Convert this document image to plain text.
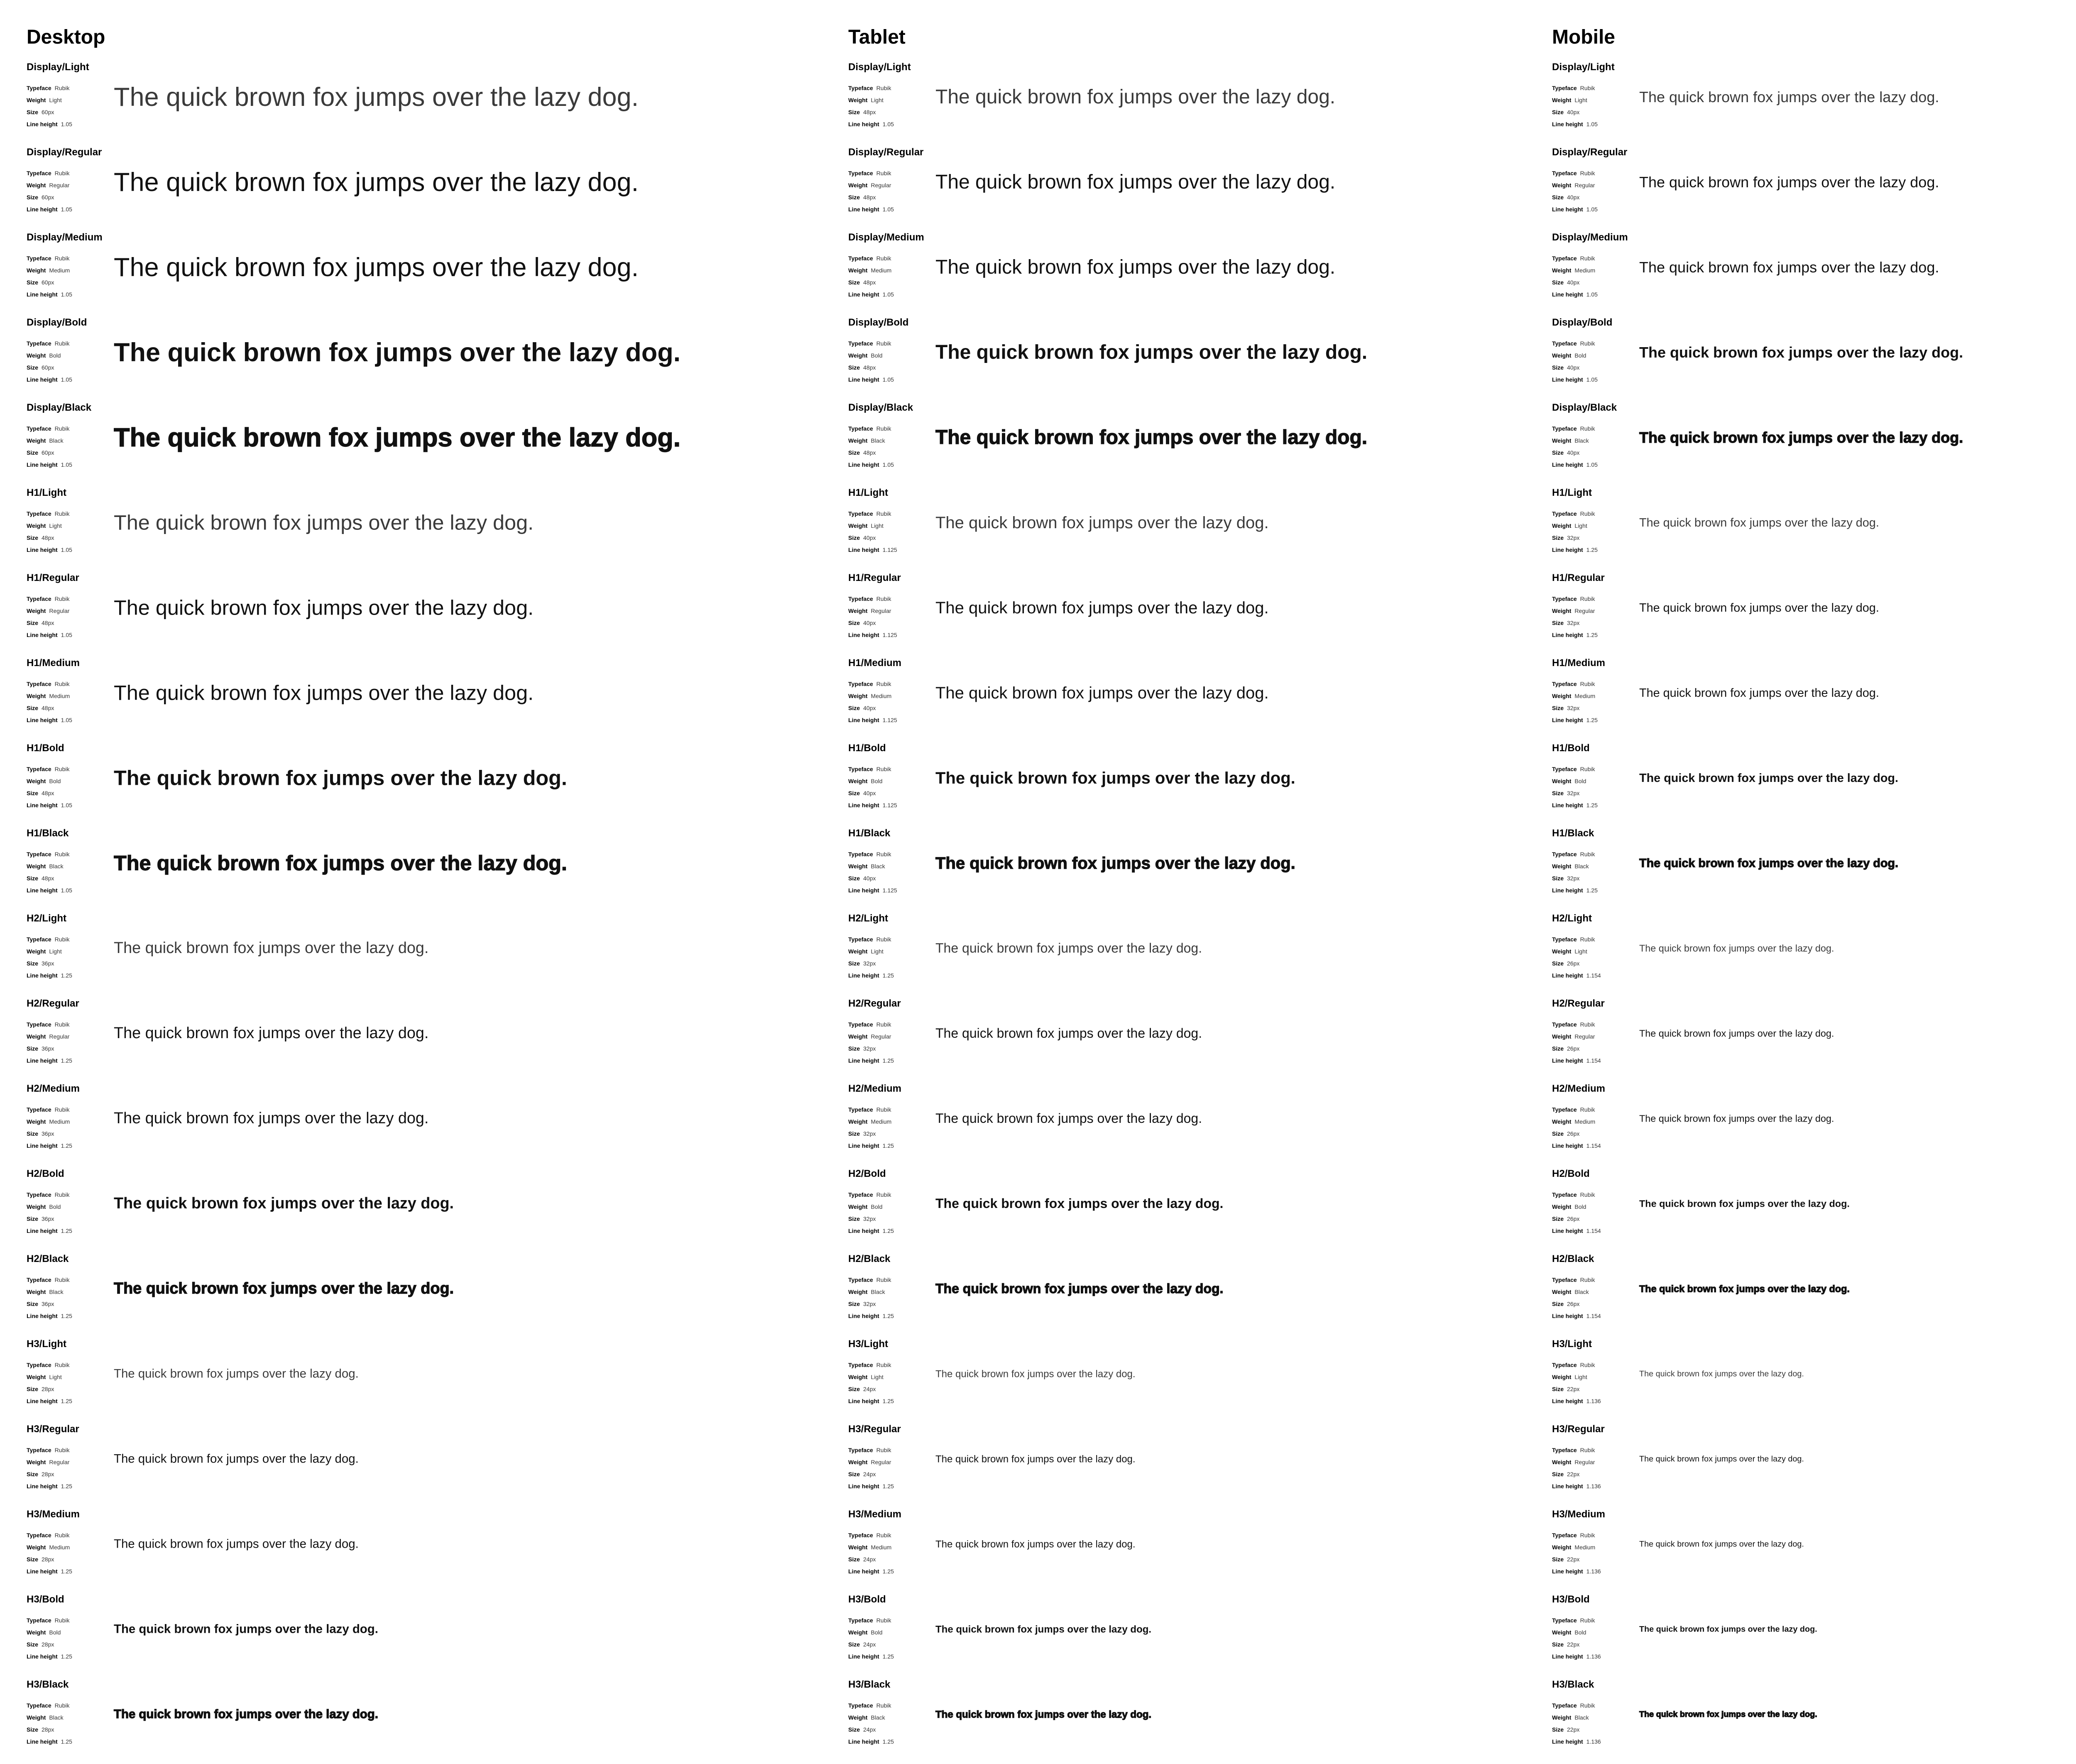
Desktop
Display/Light
Typeface Rubik
Weight Light
Size 60px
Line height 1.05
The quick brown fox jumps over the lazy dog.
Display/Regular
Typeface Rubik
Weight Regular
Size 60px
Line height 1.05
The quick brown fox jumps over the lazy dog.
Display/Medium
Typeface Rubik
Weight Medium
Size 60px
Line height 1.05
The quick brown fox jumps over the lazy dog.
Display/Bold
Typeface Rubik
Weight Bold
Size 60px
Line height 1.05
The quick brown fox jumps over the lazy dog.
Display/Black
Typeface Rubik
Weight Black
Size 60px
Line height 1.05
The quick brown fox jumps over the lazy dog.
H1/Light
Typeface Rubik
Weight Light
Size 48px
Line height 1.05
The quick brown fox jumps over the lazy dog.
H1/Regular
Typeface Rubik
Weight Regular
Size 48px
Line height 1.05
The quick brown fox jumps over the lazy dog.
H1/Medium
Typeface Rubik
Weight Medium
Size 48px
Line height 1.05
The quick brown fox jumps over the lazy dog.
H1/Bold
Typeface Rubik
Weight Bold
Size 48px
Line height 1.05
The quick brown fox jumps over the lazy dog.
H1/Black
Typeface Rubik
Weight Black
Size 48px
Line height 1.05
The quick brown fox jumps over the lazy dog.
H2/Light
Typeface Rubik
Weight Light
Size 36px
Line height 1.25
The quick brown fox jumps over the lazy dog.
H2/Regular
Typeface Rubik
Weight Regular
Size 36px
Line height 1.25
The quick brown fox jumps over the lazy dog.
H2/Medium
Typeface Rubik
Weight Medium
Size 36px
Line height 1.25
The quick brown fox jumps over the lazy dog.
H2/Bold
Typeface Rubik
Weight Bold
Size 36px
Line height 1.25
The quick brown fox jumps over the lazy dog.
H2/Black
Typeface Rubik
Weight Black
Size 36px
Line height 1.25
The quick brown fox jumps over the lazy dog.
H3/Light
Typeface Rubik
Weight Light
Size 28px
Line height 1.25
The quick brown fox jumps over the lazy dog.
H3/Regular
Typeface Rubik
Weight Regular
Size 28px
Line height 1.25
The quick brown fox jumps over the lazy dog.
H3/Medium
Typeface Rubik
Weight Medium
Size 28px
Line height 1.25
The quick brown fox jumps over the lazy dog.
H3/Bold
Typeface Rubik
Weight Bold
Size 28px
Line height 1.25
The quick brown fox jumps over the lazy dog.
H3/Black
Typeface Rubik
Weight Black
Size 28px
Line height 1.25
The quick brown fox jumps over the lazy dog.
Tablet
Display/Light
Typeface Rubik
Weight Light
Size 48px
Line height 1.05
The quick brown fox jumps over the lazy dog.
Display/Regular
Typeface Rubik
Weight Regular
Size 48px
Line height 1.05
The quick brown fox jumps over the lazy dog.
Display/Medium
Typeface Rubik
Weight Medium
Size 48px
Line height 1.05
The quick brown fox jumps over the lazy dog.
Display/Bold
Typeface Rubik
Weight Bold
Size 48px
Line height 1.05
The quick brown fox jumps over the lazy dog.
Display/Black
Typeface Rubik
Weight Black
Size 48px
Line height 1.05
The quick brown fox jumps over the lazy dog.
H1/Light
Typeface Rubik
Weight Light
Size 40px
Line height 1.125
The quick brown fox jumps over the lazy dog.
H1/Regular
Typeface Rubik
Weight Regular
Size 40px
Line height 1.125
The quick brown fox jumps over the lazy dog.
H1/Medium
Typeface Rubik
Weight Medium
Size 40px
Line height 1.125
The quick brown fox jumps over the lazy dog.
H1/Bold
Typeface Rubik
Weight Bold
Size 40px
Line height 1.125
The quick brown fox jumps over the lazy dog.
H1/Black
Typeface Rubik
Weight Black
Size 40px
Line height 1.125
The quick brown fox jumps over the lazy dog.
H2/Light
Typeface Rubik
Weight Light
Size 32px
Line height 1.25
The quick brown fox jumps over the lazy dog.
H2/Regular
Typeface Rubik
Weight Regular
Size 32px
Line height 1.25
The quick brown fox jumps over the lazy dog.
H2/Medium
Typeface Rubik
Weight Medium
Size 32px
Line height 1.25
The quick brown fox jumps over the lazy dog.
H2/Bold
Typeface Rubik
Weight Bold
Size 32px
Line height 1.25
The quick brown fox jumps over the lazy dog.
H2/Black
Typeface Rubik
Weight Black
Size 32px
Line height 1.25
The quick brown fox jumps over the lazy dog.
H3/Light
Typeface Rubik
Weight Light
Size 24px
Line height 1.25
The quick brown fox jumps over the lazy dog.
H3/Regular
Typeface Rubik
Weight Regular
Size 24px
Line height 1.25
The quick brown fox jumps over the lazy dog.
H3/Medium
Typeface Rubik
Weight Medium
Size 24px
Line height 1.25
The quick brown fox jumps over the lazy dog.
H3/Bold
Typeface Rubik
Weight Bold
Size 24px
Line height 1.25
The quick brown fox jumps over the lazy dog.
H3/Black
Typeface Rubik
Weight Black
Size 24px
Line height 1.25
The quick brown fox jumps over the lazy dog.
Mobile
Display/Light
Typeface Rubik
Weight Light
Size 40px
Line height 1.05
The quick brown fox jumps over the lazy dog.
Display/Regular
Typeface Rubik
Weight Regular
Size 40px
Line height 1.05
The quick brown fox jumps over the lazy dog.
Display/Medium
Typeface Rubik
Weight Medium
Size 40px
Line height 1.05
The quick brown fox jumps over the lazy dog.
Display/Bold
Typeface Rubik
Weight Bold
Size 40px
Line height 1.05
The quick brown fox jumps over the lazy dog.
Display/Black
Typeface Rubik
Weight Black
Size 40px
Line height 1.05
The quick brown fox jumps over the lazy dog.
H1/Light
Typeface Rubik
Weight Light
Size 32px
Line height 1.25
The quick brown fox jumps over the lazy dog.
H1/Regular
Typeface Rubik
Weight Regular
Size 32px
Line height 1.25
The quick brown fox jumps over the lazy dog.
H1/Medium
Typeface Rubik
Weight Medium
Size 32px
Line height 1.25
The quick brown fox jumps over the lazy dog.
H1/Bold
Typeface Rubik
Weight Bold
Size 32px
Line height 1.25
The quick brown fox jumps over the lazy dog.
H1/Black
Typeface Rubik
Weight Black
Size 32px
Line height 1.25
The quick brown fox jumps over the lazy dog.
H2/Light
Typeface Rubik
Weight Light
Size 26px
Line height 1.154
The quick brown fox jumps over the lazy dog.
H2/Regular
Typeface Rubik
Weight Regular
Size 26px
Line height 1.154
The quick brown fox jumps over the lazy dog.
H2/Medium
Typeface Rubik
Weight Medium
Size 26px
Line height 1.154
The quick brown fox jumps over the lazy dog.
H2/Bold
Typeface Rubik
Weight Bold
Size 26px
Line height 1.154
The quick brown fox jumps over the lazy dog.
H2/Black
Typeface Rubik
Weight Black
Size 26px
Line height 1.154
The quick brown fox jumps over the lazy dog.
H3/Light
Typeface Rubik
Weight Light
Size 22px
Line height 1.136
The quick brown fox jumps over the lazy dog.
H3/Regular
Typeface Rubik
Weight Regular
Size 22px
Line height 1.136
The quick brown fox jumps over the lazy dog.
H3/Medium
Typeface Rubik
Weight Medium
Size 22px
Line height 1.136
The quick brown fox jumps over the lazy dog.
H3/Bold
Typeface Rubik
Weight Bold
Size 22px
Line height 1.136
The quick brown fox jumps over the lazy dog.
H3/Black
Typeface Rubik
Weight Black
Size 22px
Line height 1.136
The quick brown fox jumps over the lazy dog.
